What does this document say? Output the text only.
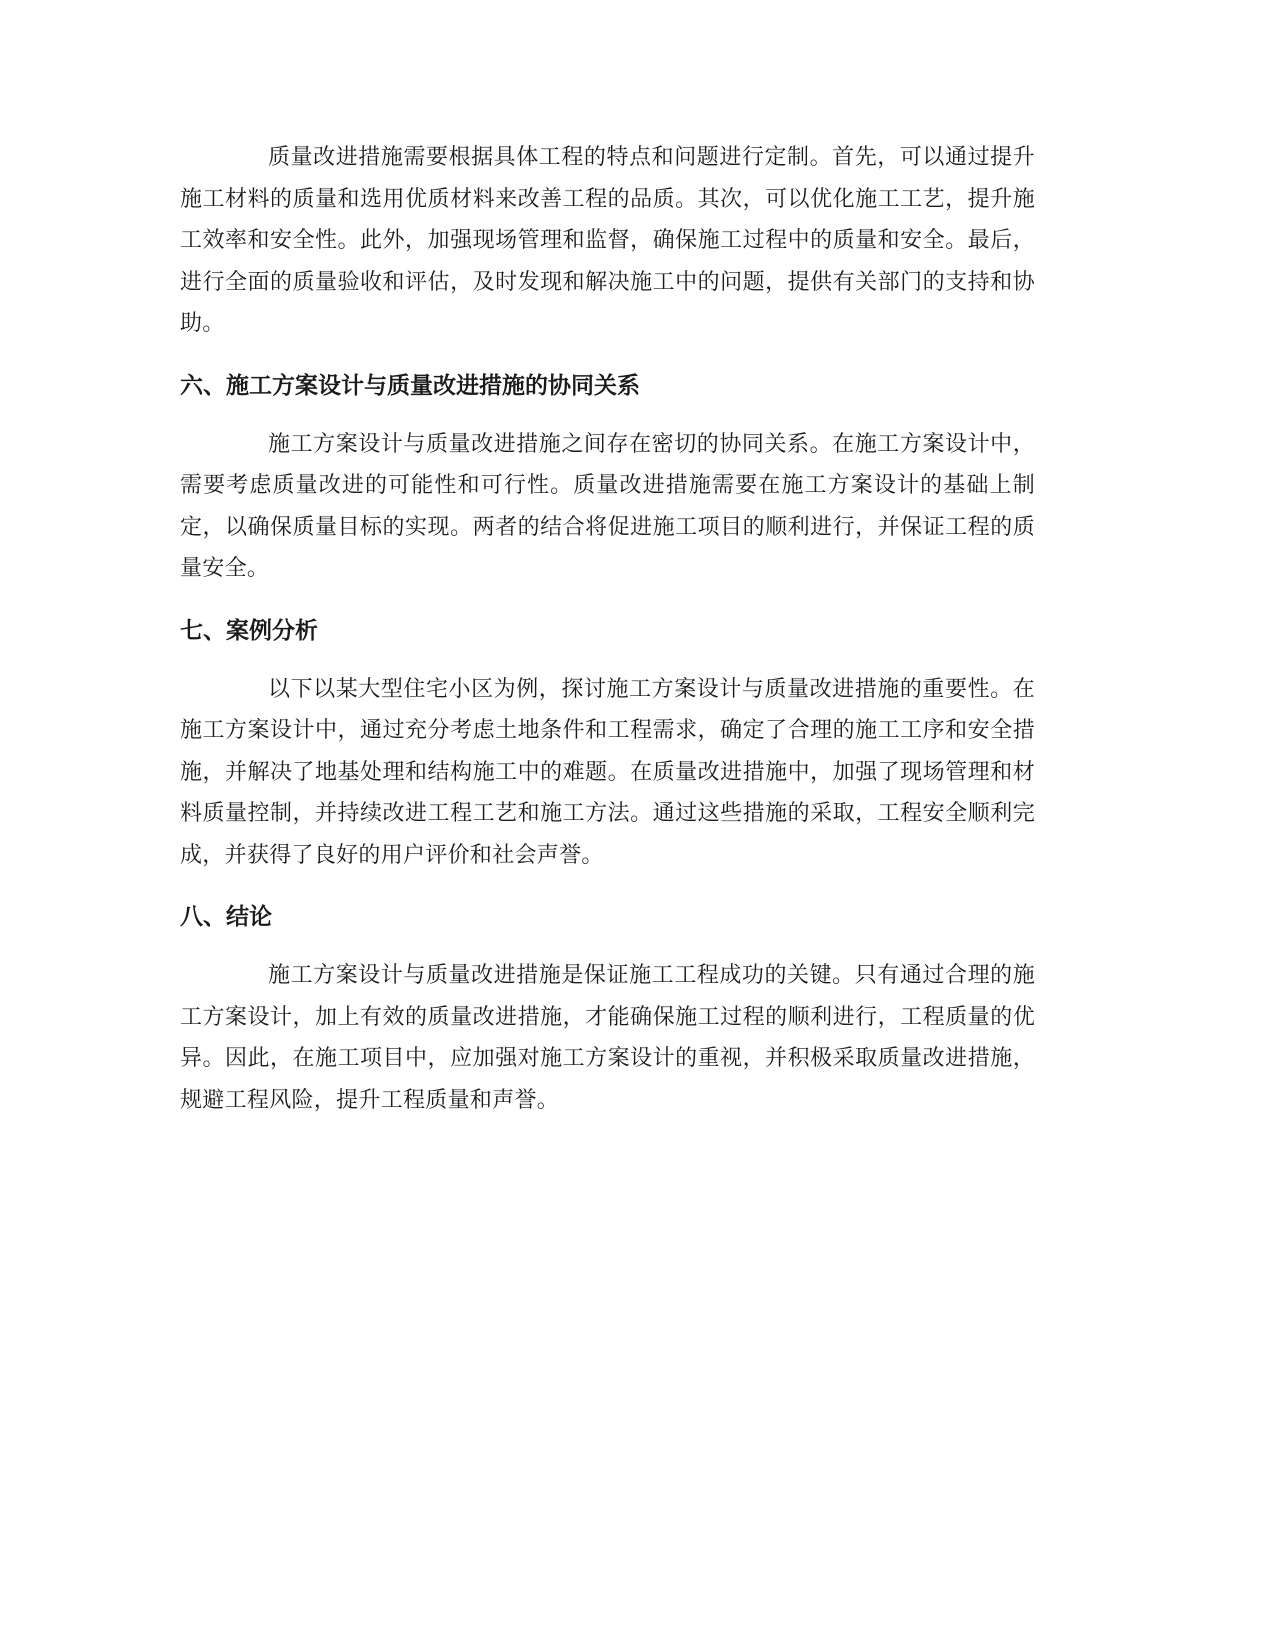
质量改进措施需要根据具体工程的特点和问题进行定制。首先，可以通过提升施工材料的质量和选用优质材料来改善工程的品质。其次，可以优化施工工艺，提升施工效率和安全性。此外，加强现场管理和监督，确保施工过程中的质量和安全。最后，进行全面的质量验收和评估，及时发现和解决施工中的问题，提供有关部门的支持和协助。

六、施工方案设计与质量改进措施的协同关系

施工方案设计与质量改进措施之间存在密切的协同关系。在施工方案设计中，需要考虑质量改进的可能性和可行性。质量改进措施需要在施工方案设计的基础上制定，以确保质量目标的实现。两者的结合将促进施工项目的顺利进行，并保证工程的质量安全。

七、案例分析

以下以某大型住宅小区为例，探讨施工方案设计与质量改进措施的重要性。在施工方案设计中，通过充分考虑土地条件和工程需求，确定了合理的施工工序和安全措施，并解决了地基处理和结构施工中的难题。在质量改进措施中，加强了现场管理和材料质量控制，并持续改进工程工艺和施工方法。通过这些措施的采取，工程安全顺利完成，并获得了良好的用户评价和社会声誉。

八、结论

施工方案设计与质量改进措施是保证施工工程成功的关键。只有通过合理的施工方案设计，加上有效的质量改进措施，才能确保施工过程的顺利进行，工程质量的优异。因此，在施工项目中，应加强对施工方案设计的重视，并积极采取质量改进措施，规避工程风险，提升工程质量和声誉。
